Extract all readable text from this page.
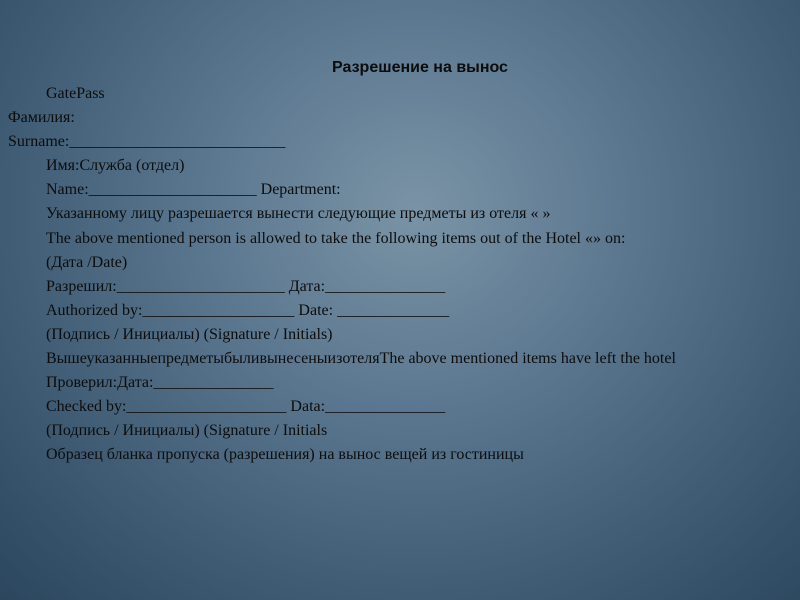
Разрешение на вынос

GatePass

Фамилия:

Surname:___________________________

Имя:Служба (отдел)

Name:_____________________ Department:

Указанному лицу разрешается вынести следующие предметы из отеля « »

The above mentioned person is allowed to take the following items out of the Hotel «» on:

(Дата /Date)

Разрешил:_____________________ Дата:_______________

Authorized by:___________________ Date: ______________

(Подпись / Инициалы) (Signature / Initials)

ВышеуказанныепредметыбыливынесеныизотеляThe above mentioned items have left the hotel

Проверил:Дата:_______________

Checked by:____________________ Data:_______________

(Подпись / Инициалы) (Signature / Initials

Образец бланка пропуска (разрешения) на вынос вещей из гостиницы
